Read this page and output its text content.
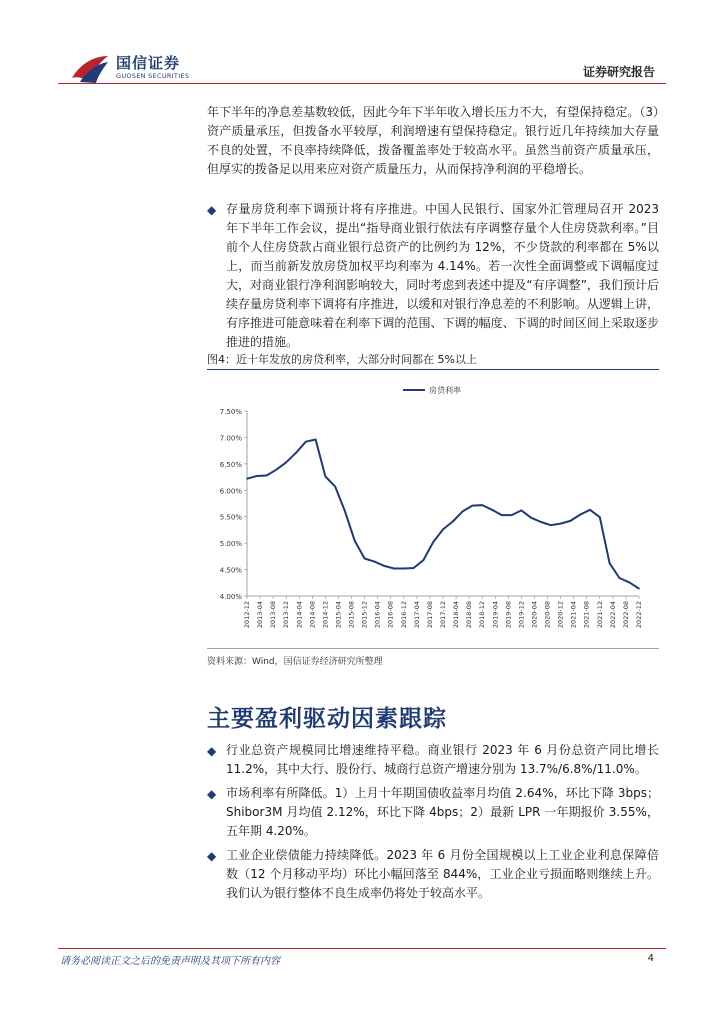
国信证券
GUOSEN SECURITIES	证券研究报告
年下半年的净息差基数较低，因此今年下半年收入增长压力不大，有望保持稳定。（3）资产质量承压，但拨备水平较厚，利润增速有望保持稳定。银行近几年持续加大存量不良的处置，不良率持续降低，拨备覆盖率处于较高水平。虽然当前资产质量承压，但厚实的拨备足以用来应对资产质量压力，从而保持净利润的平稳增长。
◆ 存量房贷利率下调预计将有序推进。中国人民银行、国家外汇管理局召开 2023 年下半年工作会议，提出“指导商业银行依法有序调整存量个人住房贷款利率。”目前个人住房贷款占商业银行总资产的比例约为 12%，不少贷款的利率都在 5%以上，而当前新发放房贷加权平均利率为 4.14%。若一次性全面调整或下调幅度过大，对商业银行净利润影响较大，同时考虑到表述中提及“有序调整”，我们预计后续存量房贷利率下调将有序推进，以缓和对银行净息差的不利影响。从逻辑上讲，有序推进可能意味着在利率下调的范围、下调的幅度、下调的时间区间上采取逐步推进的措施。
图4：近十年发放的房贷利率，大部分时间都在 5%以上
房贷利率
4.00%
4.50%
5.00%
5.50%
6.00%
6.50%
7.00%
7.50%
2012-12 2013-04 2013-08 2013-12 2014-04 2014-08 2014-12 2015-04 2015-08 2015-12 2016-04 2016-08 2016-12 2017-04 2017-08 2017-12 2018-04 2018-08 2018-12 2019-04 2019-08 2019-12 2020-04 2020-08 2020-12 2021-04 2021-08 2021-12 2022-04 2022-08 2022-12
资料来源：Wind，国信证券经济研究所整理
主要盈利驱动因素跟踪
◆ 行业总资产规模同比增速维持平稳。商业银行 2023 年 6 月份总资产同比增长 11.2%，其中大行、股份行、城商行总资产增速分别为 13.7%/6.8%/11.0%。
◆ 市场利率有所降低。1）上月十年期国债收益率月均值 2.64%，环比下降 3bps；Shibor3M 月均值 2.12%，环比下降 4bps；2）最新 LPR 一年期报价 3.55%，五年期 4.20%。
◆ 工业企业偿债能力持续降低。2023 年 6 月份全国规模以上工业企业利息保障倍数（12 个月移动平均）环比小幅回落至 844%，工业企业亏损面略则继续上升。我们认为银行整体不良生成率仍将处于较高水平。
请务必阅读正文之后的免责声明及其项下所有内容	4
